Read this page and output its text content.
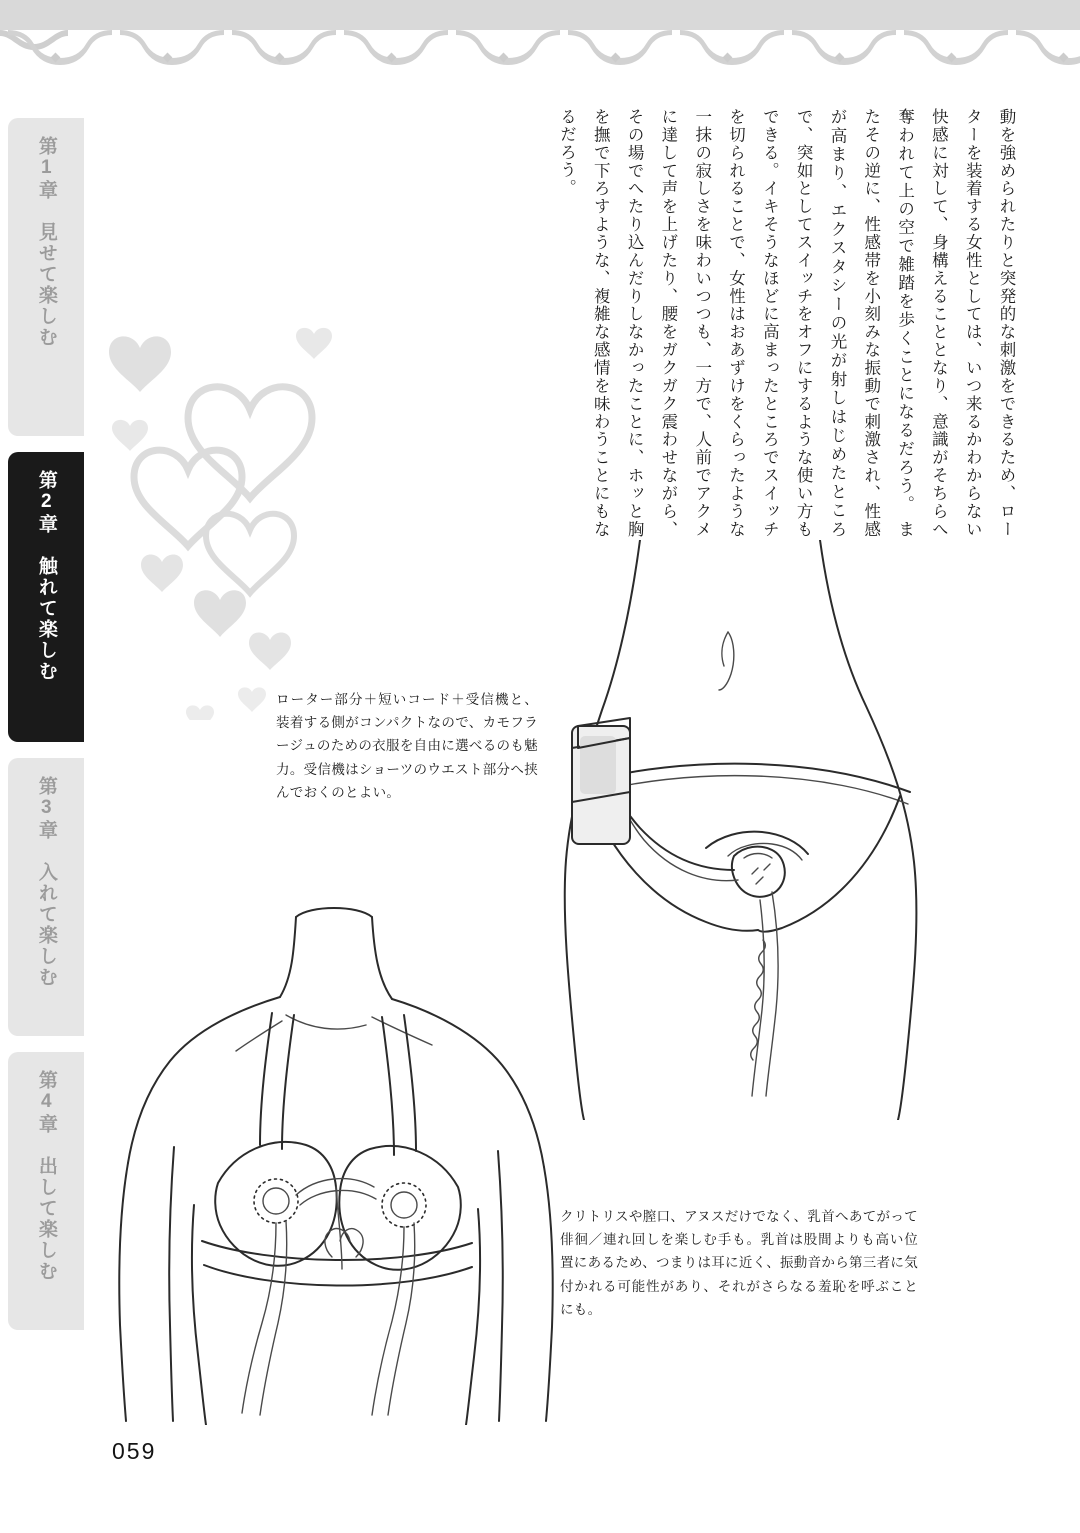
第1章　見せて楽しむ
第2章　触れて楽しむ
第3章　入れて楽しむ
第4章　出して楽しむ

動を強められたりと突発的な刺激をできるため、ローターを装着する女性としては、いつ来るかわからない快感に対して、身構えることとなり、意識がそちらへ奪われて上の空で雑踏を歩くことになるだろう。 またその逆に、性感帯を小刻みな振動で刺激され、性感が高まり、エクスタシーの光が射しはじめたところで、突如としてスイッチをオフにするような使い方もできる。イキそうなほどに高まったところでスイッチを切られることで、女性はおあずけをくらったような一抹の寂しさを味わいつつも、一方で、人前でアクメに達して声を上げたり、腰をガクガク震わせながら、その場でへたり込んだりしなかったことに、ホッと胸を撫で下ろすような、複雑な感情を味わうことにもなるだろう。

ローター部分＋短いコード＋受信機と、装着する側がコンパクトなので、カモフラージュのための衣服を自由に選べるのも魅力。受信機はショーツのウエスト部分へ挟んでおくのとよい。
クリトリスや膣口、アヌスだけでなく、乳首へあてがって俳徊／連れ回しを楽しむ手も。乳首は股間よりも高い位置にあるため、つまりは耳に近く、振動音から第三者に気付かれる可能性があり、それがさらなる羞恥を呼ぶことにも。
059
